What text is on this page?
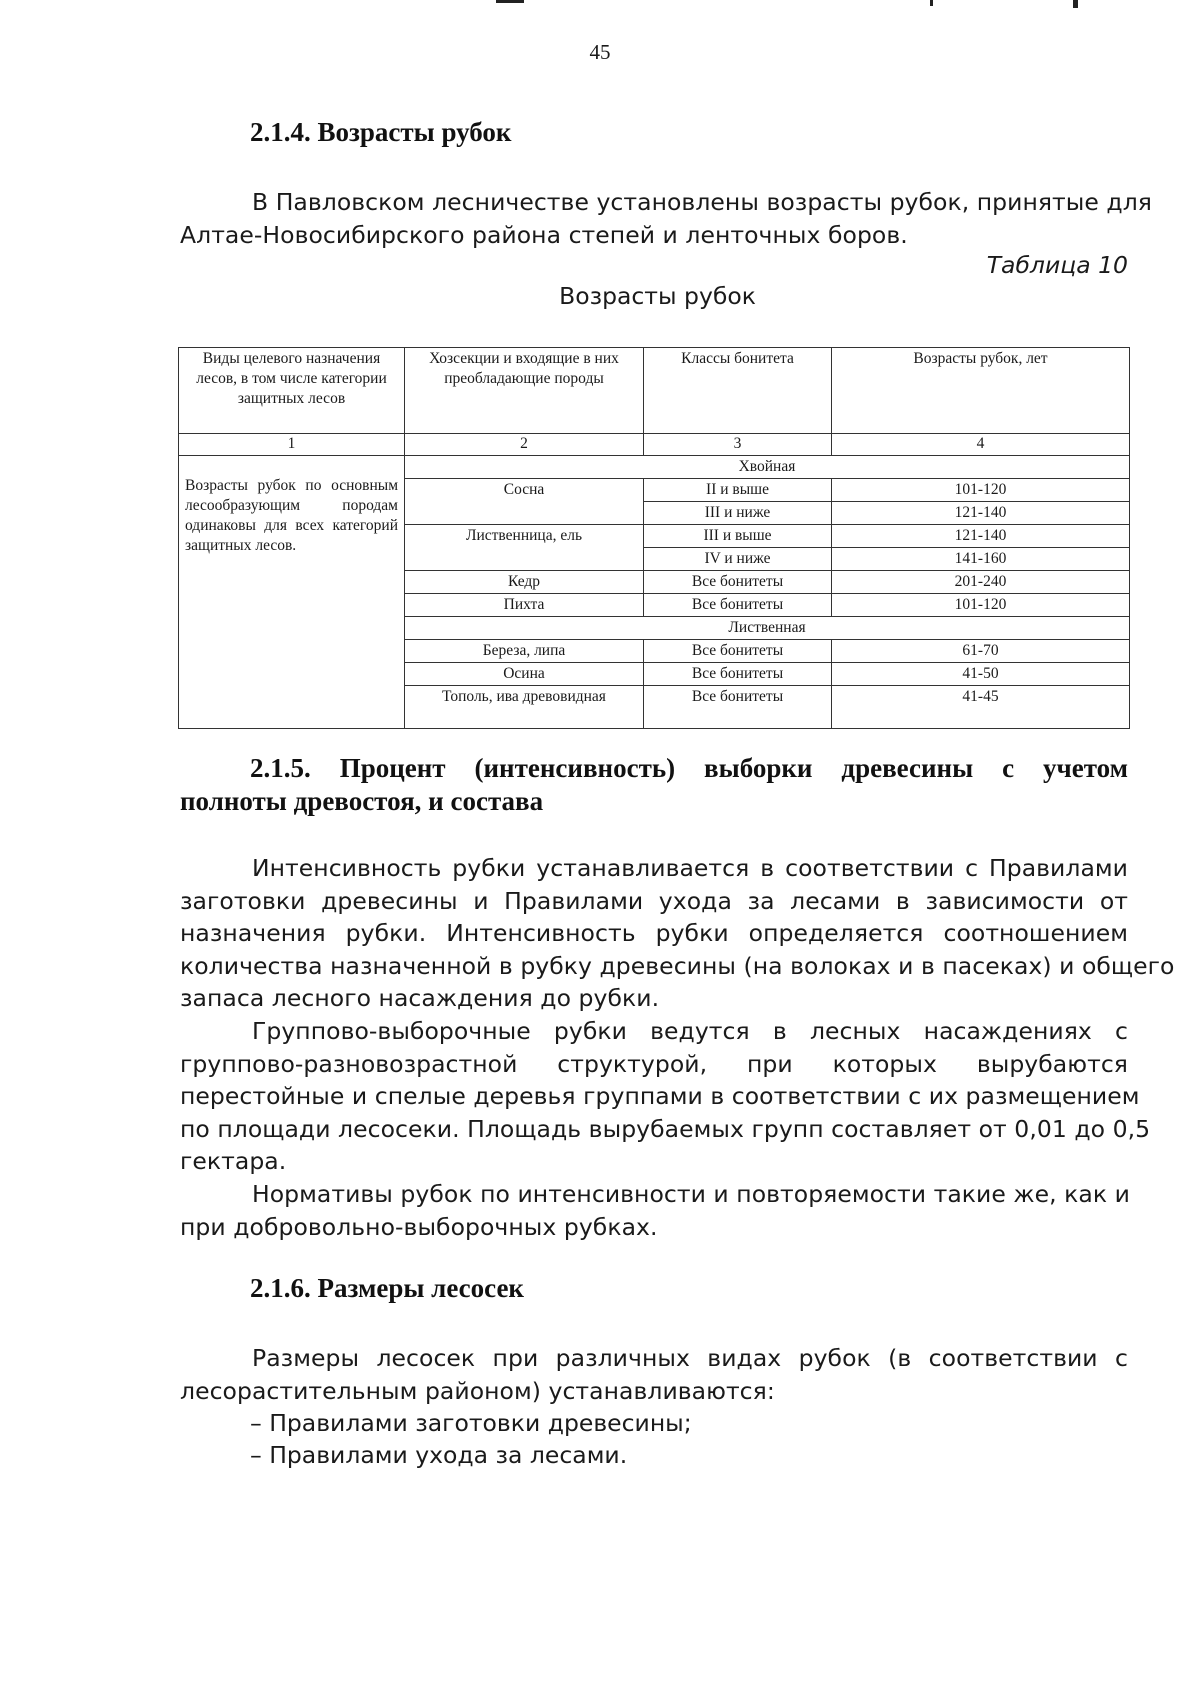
45
2.1.4. Возрасты рубок
В Павловском лесничестве установлены возрасты рубок, принятые для
Алтае-Новосибирского района степей и ленточных боров.
Таблица 10
Возрасты рубок
Виды целевого назначения лесов, в том числе категории защитных лесов	Хозсекции и входящие в них преобладающие породы	Классы бонитета	Возрасты рубок, лет
1	2	3	4
Возрасты рубок по основным лесообразующим породам одинаковы для всех категорий защитных лесов.	Хвойная		
	Сосна	II и выше	101-120
		III и ниже	121-140
	Лиственница, ель	III и выше	121-140
		IV и ниже	141-160
	Кедр	Все бонитеты	201-240
	Пихта	Все бонитеты	101-120
	Лиственная		
	Береза, липа	Все бонитеты	61-70
	Осина	Все бонитеты	41-50
	Тополь, ива древовидная	Все бонитеты	41-45
2.1.5. Процент (интенсивность) выборки древесины с учетом
полноты древостоя, и состава
Интенсивность рубки устанавливается в соответствии с Правилами
заготовки древесины и Правилами ухода за лесами в зависимости от
назначения рубки. Интенсивность рубки определяется соотношением
количества назначенной в рубку древесины (на волоках и в пасеках) и общего
запаса лесного насаждения до рубки.
Группово-выборочные рубки ведутся в лесных насаждениях с
группово-разновозрастной структурой, при которых вырубаются
перестойные и спелые деревья группами в соответствии с их размещением
по площади лесосеки. Площадь вырубаемых групп составляет от 0,01 до 0,5
гектара.
Нормативы рубок по интенсивности и повторяемости такие же, как и
при добровольно-выборочных рубках.
2.1.6. Размеры лесосек
Размеры лесосек при различных видах рубок (в соответствии с
лесорастительным районом) устанавливаются:
– Правилами заготовки древесины;
– Правилами ухода за лесами.
